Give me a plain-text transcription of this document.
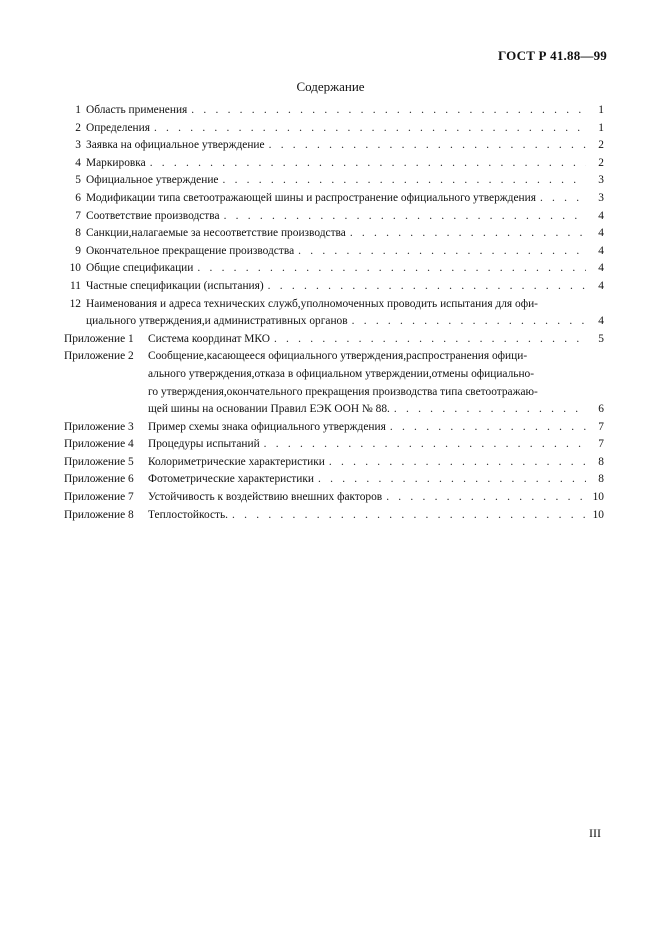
ГОСТ Р 41.88—99
Содержание
1 Область применения . . .	1
2 Определения . . .	1
3 Заявка на официальное утверждение . . .	2
4 Маркировка . . .	2
5 Официальное утверждение . . .	3
6 Модификации типа светоотражающей шины и распространение официального утверждения . . .	3
7 Соответствие производства . . .	4
8 Санкции,налагаемые за несоответствие производства . . .	4
9 Окончательное прекращение производства . . .	4
10 Общие спецификации . . .	4
11 Частные спецификации (испытания) . . .	4
12 Наименования и адреса технических служб,уполномоченных проводить испытания для офи-
циального утверждения,и административных органов . . .	4
Приложение 1	Система координат МКО . . .	5
Приложение 2	Сообщение,касающееся официального утверждения,распространения офици-
ального утверждения,отказа в официальном утверждении,отмены официально-
го утверждения,окончательного прекращения производства типа светоотражаю-
щей шины на основании Правил ЕЭК ООН № 88. . . .	6
Приложение 3	Пример схемы знака официального утверждения . . .	7
Приложение 4	Процедуры испытаний . . .	7
Приложение 5	Колориметрические характеристики . . .	8
Приложение 6	Фотометрические характеристики . . .	8
Приложение 7	Устойчивость к воздействию внешних факторов . . .	10
Приложение 8	Теплостойкость. . . .	10
III
